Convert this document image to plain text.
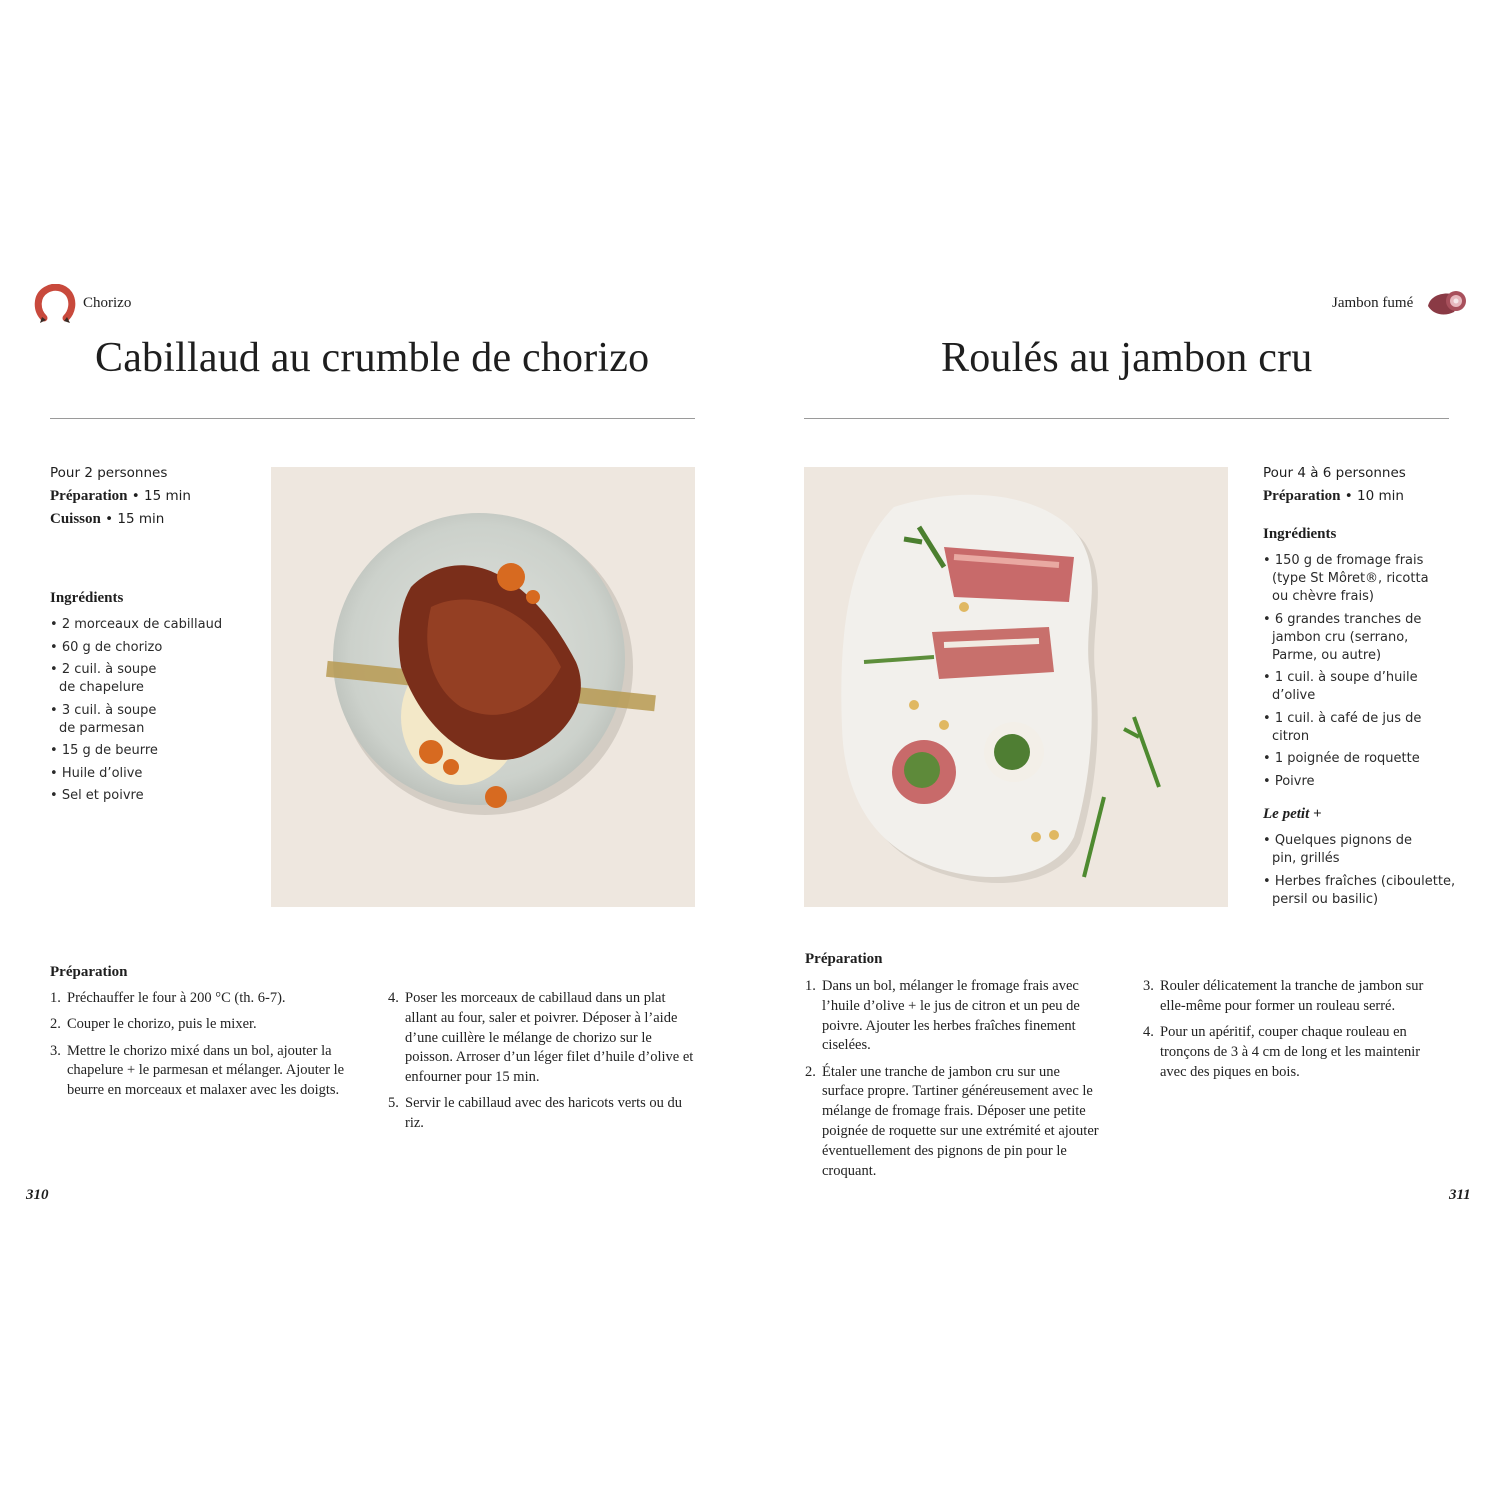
Chorizo
Cabillaud au crumble de chorizo
Pour 2 personnes
Préparation • 15 min
Cuisson • 15 min
Ingrédients
• 2 morceaux de cabillaud
• 60 g de chorizo
• 2 cuil. à soupe de chapelure
• 3 cuil. à soupe de parmesan
• 15 g de beurre
• Huile d’olive
• Sel et poivre
Préparation
1. Préchauffer le four à 200 °C (th. 6-7).
2. Couper le chorizo, puis le mixer.
3. Mettre le chorizo mixé dans un bol, ajouter la chapelure + le parmesan et mélanger. Ajouter le beurre en morceaux et malaxer avec les doigts.
4. Poser les morceaux de cabillaud dans un plat allant au four, saler et poivrer. Déposer à l’aide d’une cuillère le mélange de chorizo sur le poisson. Arroser d’un léger filet d’huile d’olive et enfourner pour 15 min.
5. Servir le cabillaud avec des haricots verts ou du riz.
310
Jambon fumé
Roulés au jambon cru
Pour 4 à 6 personnes
Préparation • 10 min
Ingrédients
• 150 g de fromage frais (type St Môret®, ricotta ou chèvre frais)
• 6 grandes tranches de jambon cru (serrano, Parme, ou autre)
• 1 cuil. à soupe d’huile d’olive
• 1 cuil. à café de jus de citron
• 1 poignée de roquette
• Poivre
Le petit +
• Quelques pignons de pin, grillés
• Herbes fraîches (ciboulette, persil ou basilic)
Préparation
1. Dans un bol, mélanger le fromage frais avec l’huile d’olive + le jus de citron et un peu de poivre. Ajouter les herbes fraîches finement ciselées.
2. Étaler une tranche de jambon cru sur une surface propre. Tartiner généreusement avec le mélange de fromage frais. Déposer une petite poignée de roquette sur une extrémité et ajouter éventuellement des pignons de pin pour le croquant.
3. Rouler délicatement la tranche de jambon sur elle-même pour former un rouleau serré.
4. Pour un apéritif, couper chaque rouleau en tronçons de 3 à 4 cm de long et les maintenir avec des piques en bois.
311
